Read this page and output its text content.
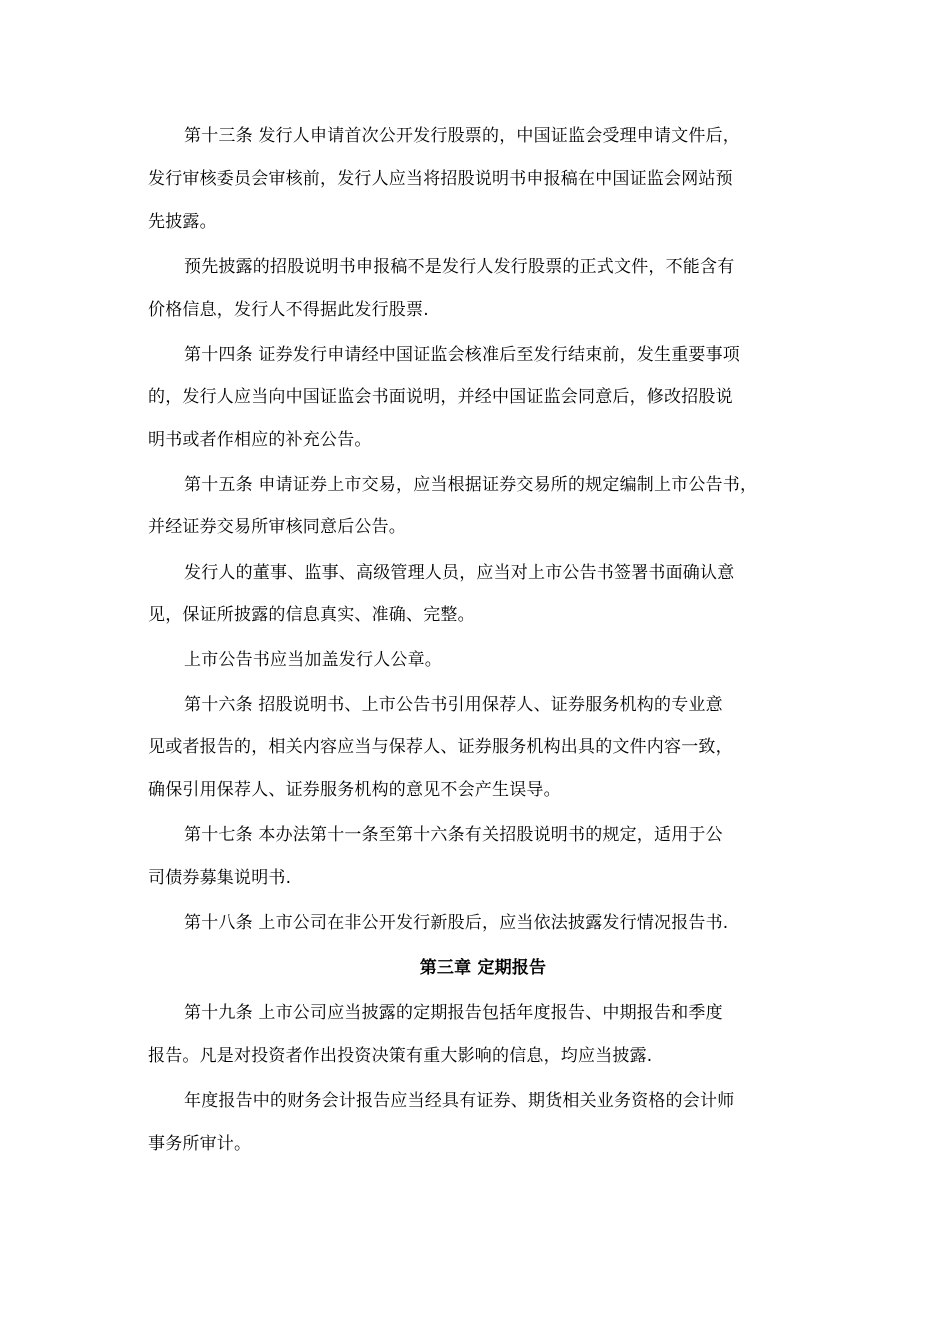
第十三条 发行人申请首次公开发行股票的，中国证监会受理申请文件后，
发行审核委员会审核前，发行人应当将招股说明书申报稿在中国证监会网站预
先披露。
预先披露的招股说明书申报稿不是发行人发行股票的正式文件，不能含有
价格信息，发行人不得据此发行股票.
第十四条 证券发行申请经中国证监会核准后至发行结束前，发生重要事项
的，发行人应当向中国证监会书面说明，并经中国证监会同意后，修改招股说
明书或者作相应的补充公告。
第十五条 申请证券上市交易，应当根据证券交易所的规定编制上市公告书，
并经证券交易所审核同意后公告。
发行人的董事、监事、高级管理人员，应当对上市公告书签署书面确认意
见，保证所披露的信息真实、准确、完整。
上市公告书应当加盖发行人公章。
第十六条 招股说明书、上市公告书引用保荐人、证券服务机构的专业意
见或者报告的，相关内容应当与保荐人、证券服务机构出具的文件内容一致，
确保引用保荐人、证券服务机构的意见不会产生误导。
第十七条 本办法第十一条至第十六条有关招股说明书的规定，适用于公
司债券募集说明书.
第十八条 上市公司在非公开发行新股后，应当依法披露发行情况报告书.
第三章 定期报告
第十九条 上市公司应当披露的定期报告包括年度报告、中期报告和季度
报告。凡是对投资者作出投资决策有重大影响的信息，均应当披露.
年度报告中的财务会计报告应当经具有证券、期货相关业务资格的会计师
事务所审计。
